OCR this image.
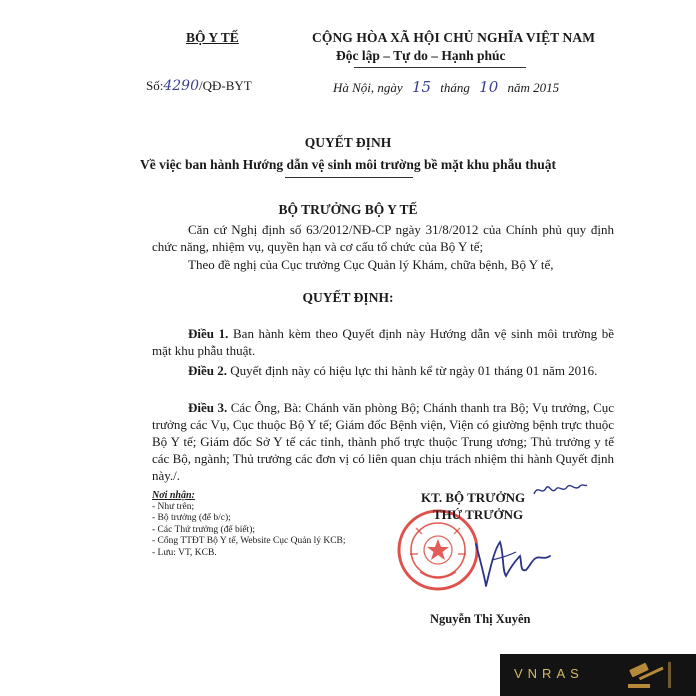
BỘ Y TẾ	CỘNG HÒA XÃ HỘI CHỦ NGHĨA VIỆT NAM
Độc lập – Tự do – Hạnh phúc
Số:4290/QĐ-BYT	Hà Nội, ngày 15 tháng 10 năm 2015
QUYẾT ĐỊNH
Về việc ban hành Hướng dẫn vệ sinh môi trường bề mặt khu phẫu thuật
BỘ TRƯỞNG BỘ Y TẾ
Căn cứ Nghị định số 63/2012/NĐ-CP ngày 31/8/2012 của Chính phủ quy định chức năng, nhiệm vụ, quyền hạn và cơ cấu tổ chức của Bộ Y tế;
Theo đề nghị của Cục trưởng Cục Quản lý Khám, chữa bệnh, Bộ Y tế,
QUYẾT ĐỊNH:
Điều 1. Ban hành kèm theo Quyết định này Hướng dẫn vệ sinh môi trường bề mặt khu phẫu thuật.
Điều 2. Quyết định này có hiệu lực thi hành kể từ ngày 01 tháng 01 năm 2016.
Điều 3. Các Ông, Bà: Chánh văn phòng Bộ; Chánh thanh tra Bộ; Vụ trưởng, Cục trưởng các Vụ, Cục thuộc Bộ Y tế; Giám đốc Bệnh viện, Viện có giường bệnh trực thuộc Bộ Y tế; Giám đốc Sở Y tế các tỉnh, thành phố trực thuộc Trung ương; Thủ trưởng y tế các Bộ, ngành; Thủ trưởng các đơn vị có liên quan chịu trách nhiệm thi hành Quyết định này./.
Nơi nhận:
- Như trên;
- Bộ trưởng (để b/c);
- Các Thứ trưởng (để biết);
- Cổng TTĐT Bộ Y tế, Website Cục Quản lý KCB;
- Lưu: VT, KCB.
KT. BỘ TRƯỞNG
THỨ TRƯỞNG
Nguyễn Thị Xuyên
VNRAS
